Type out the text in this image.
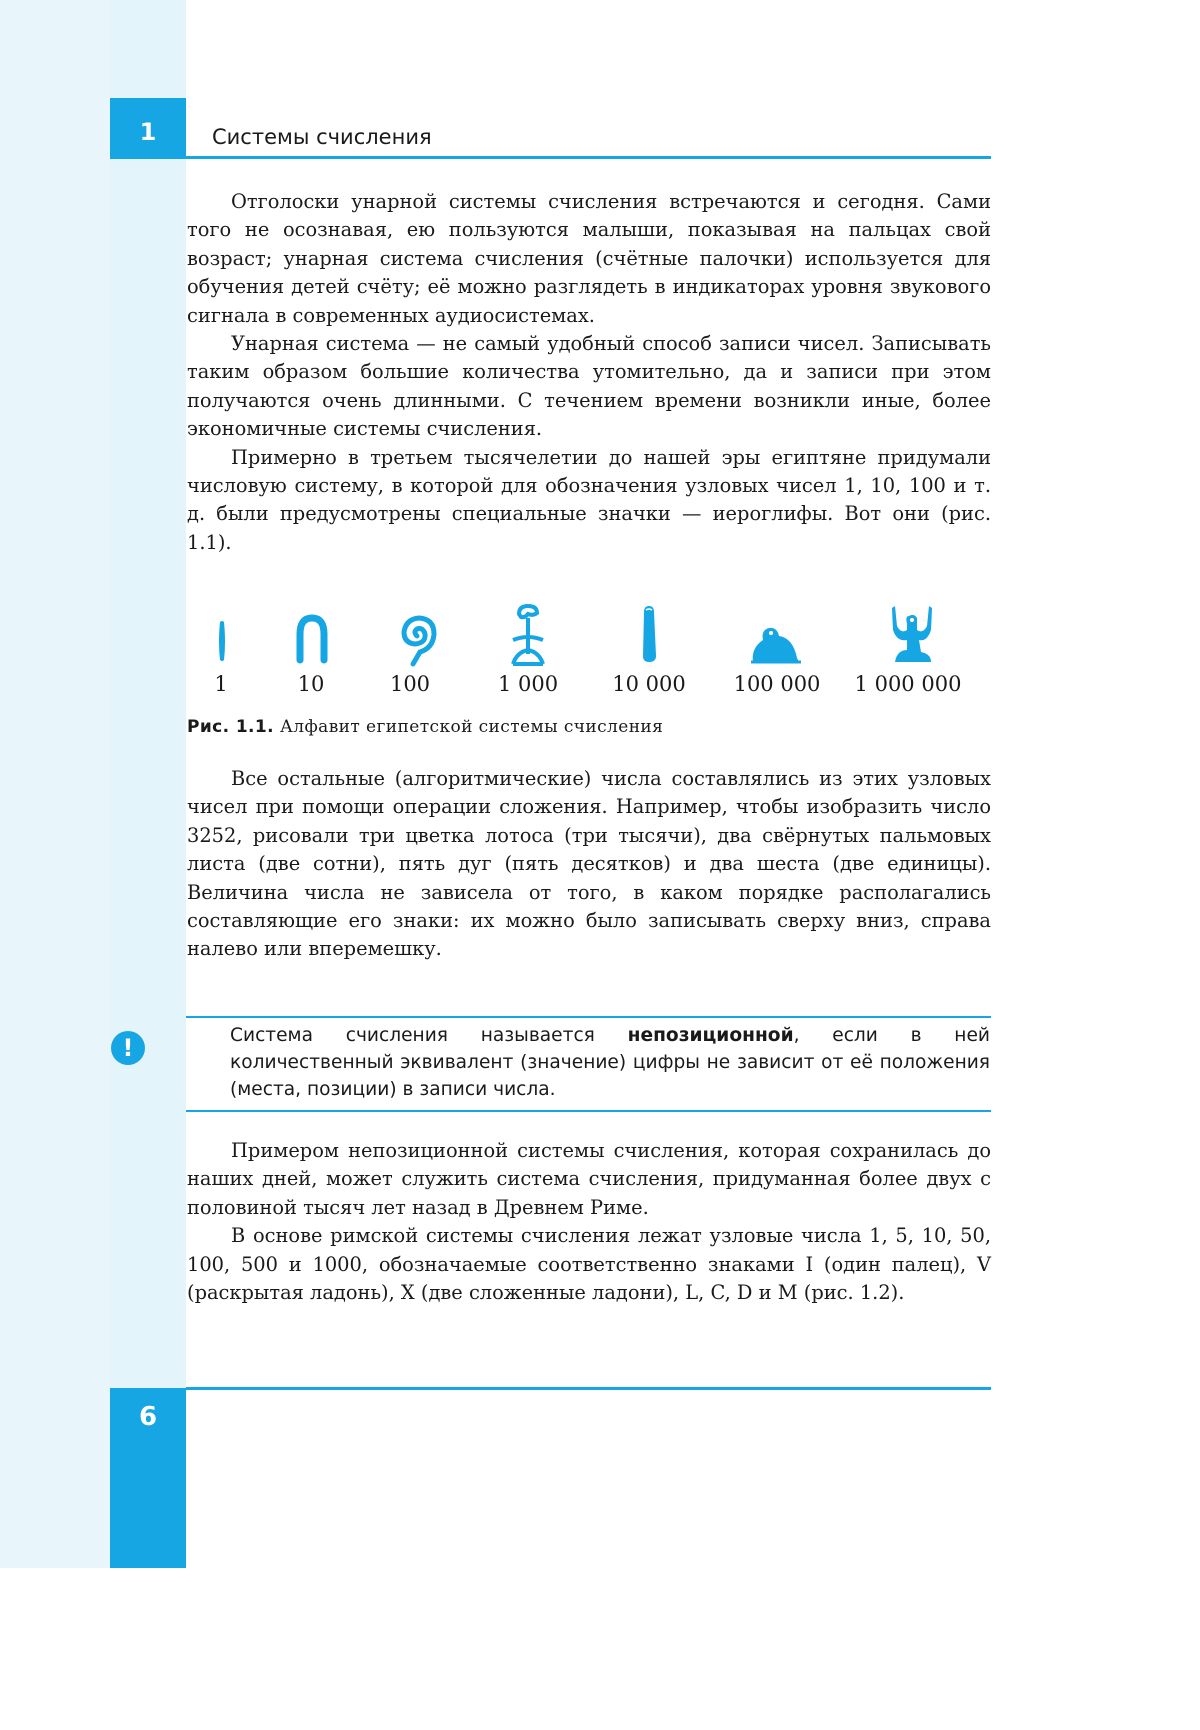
1	Системы счисления

Отголоски унарной системы счисления встречаются и сегодня. Сами того не осознавая, ею пользуются малыши, показывая на пальцах свой возраст; унарная система счисления (счётные палочки) используется для обучения детей счёту; её можно разглядеть в индикаторах уровня звукового сигнала в современных аудиосистемах.

Унарная система — не самый удобный способ записи чисел. Записывать таким образом большие количества утомительно, да и записи при этом получаются очень длинными. С течением времени возникли иные, более экономичные системы счисления.

Примерно в третьем тысячелетии до нашей эры египтяне придумали числовую систему, в которой для обозначения узловых чисел 1, 10, 100 и т. д. были предусмотрены специальные значки — иероглифы. Вот они (рис. 1.1).

1	10	100	1 000	10 000	100 000	1 000 000
Рис. 1.1. Алфавит египетской системы счисления

Все остальные (алгоритмические) числа составлялись из этих узловых чисел при помощи операции сложения. Например, чтобы изобразить число 3252, рисовали три цветка лотоса (три тысячи), два свёрнутых пальмовых листа (две сотни), пять дуг (пять десятков) и два шеста (две единицы). Величина числа не зависела от того, в каком порядке располагались составляющие его знаки: их можно было записывать сверху вниз, справа налево или вперемешку.

!	Система счисления называется непозиционной, если в ней количественный эквивалент (значение) цифры не зависит от её положения (места, позиции) в записи числа.

Примером непозиционной системы счисления, которая сохранилась до наших дней, может служить система счисления, придуманная более двух с половиной тысяч лет назад в Древнем Риме.

В основе римской системы счисления лежат узловые числа 1, 5, 10, 50, 100, 500 и 1000, обозначаемые соответственно знаками I (один палец), V (раскрытая ладонь), X (две сложенные ладони), L, C, D и M (рис. 1.2).

6
